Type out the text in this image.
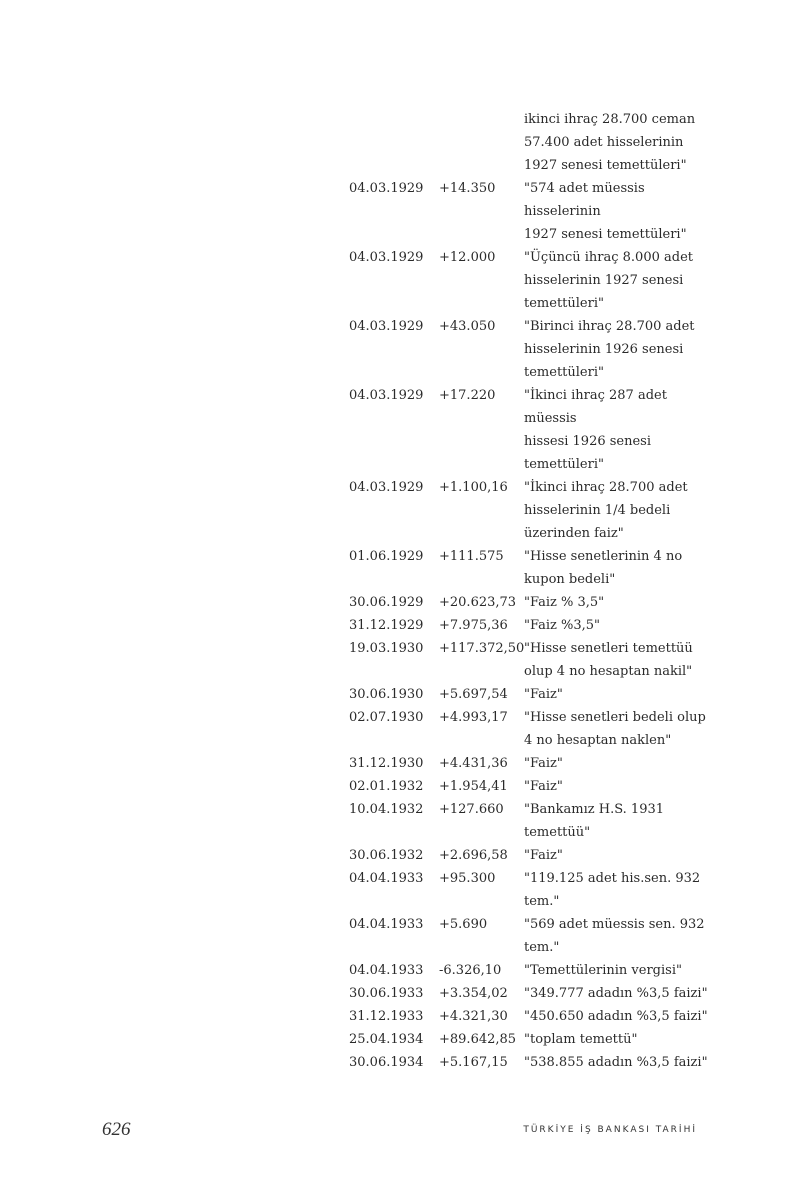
ikinci ihraç 28.700 ceman
57.400 adet hisselerinin
1927 senesi temettüleri"
04.03.1929	+14.350	"574 adet müessis
hisselerinin
1927 senesi temettüleri"
04.03.1929	+12.000	"Üçüncü ihraç 8.000 adet
hisselerinin 1927 senesi
temettüleri"
04.03.1929	+43.050	"Birinci ihraç 28.700 adet
hisselerinin 1926 senesi
temettüleri"
04.03.1929	+17.220	"İkinci ihraç 287 adet
müessis
hissesi 1926 senesi
temettüleri"
04.03.1929	+1.100,16	"İkinci ihraç 28.700 adet
hisselerinin 1/4 bedeli
üzerinden faiz"
01.06.1929	+111.575	"Hisse senetlerinin 4 no
kupon bedeli"
30.06.1929	+20.623,73 "Faiz % 3,5"
31.12.1929	+7.975,36	"Faiz %3,5"
19.03.1930	+117.372,50 "Hisse senetleri temettüü
olup 4 no hesaptan nakil"
30.06.1930	+5.697,54	"Faiz"
02.07.1930	+4.993,17	"Hisse senetleri bedeli olup
4 no hesaptan naklen"
31.12.1930	+4.431,36	"Faiz"
02.01.1932	+1.954,41	"Faiz"
10.04.1932	+127.660	"Bankamız H.S. 1931
temettüü"
30.06.1932	+2.696,58	"Faiz"
04.04.1933	+95.300	"119.125 adet his.sen. 932
tem."
04.04.1933	+5.690	"569 adet müessis sen. 932
tem."
04.04.1933	-6.326,10	"Temettülerinin vergisi"
30.06.1933	+3.354,02	"349.777 adadın %3,5 faizi"
31.12.1933	+4.321,30	"450.650 adadın %3,5 faizi"
25.04.1934	+89.642,85 "toplam temettü"
30.06.1934	+5.167,15	"538.855 adadın %3,5 faizi"
626	TÜRKİYE İŞ BANKASI TARİHİ
